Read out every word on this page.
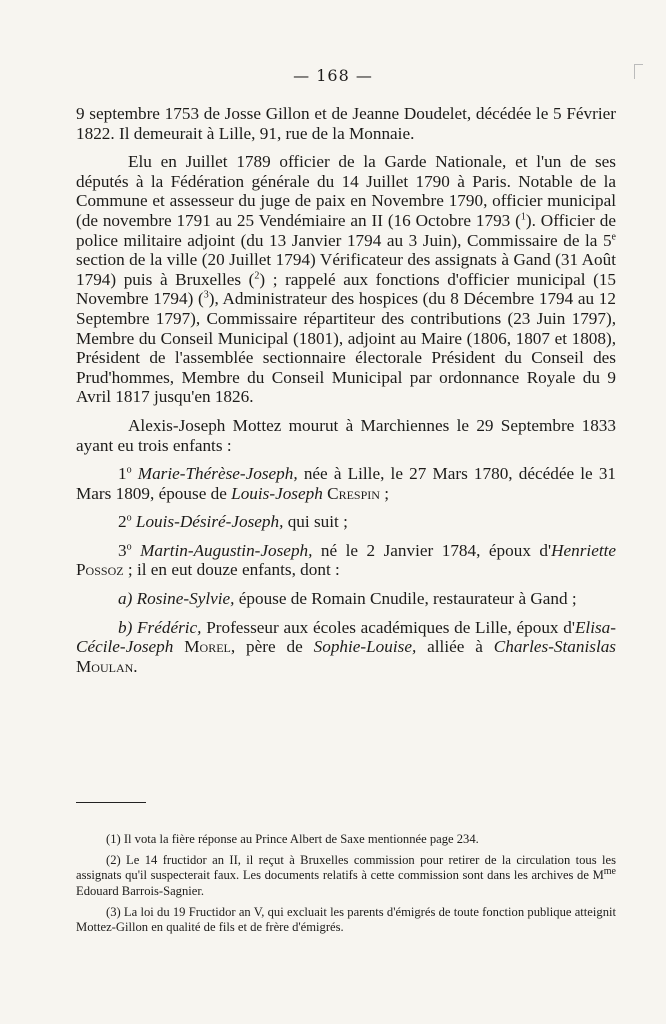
— 168 —

9 septembre 1753 de Josse Gillon et de Jeanne Doudelet, décédée le 5 Février 1822. Il demeurait à Lille, 91, rue de la Monnaie.

Elu en Juillet 1789 officier de la Garde Nationale, et l'un de ses députés à la Fédération générale du 14 Juillet 1790 à Paris. Notable de la Commune et assesseur du juge de paix en Novembre 1790, officier municipal (de novembre 1791 au 25 Vendémiaire an II (16 Octobre 1793 ($^1$). Officier de police militaire adjoint (du 13 Janvier 1794 au 3 Juin), Commissaire de la 5e section de la ville (20 Juillet 1794) Vérificateur des assignats à Gand (31 Août 1794) puis à Bruxelles ($^2$) ; rappelé aux fonctions d'officier municipal (15 Novembre 1794) ($^3$), Administrateur des hospices (du 8 Décembre 1794 au 12 Septembre 1797), Commissaire répartiteur des contributions (23 Juin 1797), Membre du Conseil Municipal (1801), adjoint au Maire (1806, 1807 et 1808), Président de l'assemblée sectionnaire électorale Président du Conseil des Prud'hommes, Membre du Conseil Municipal par ordonnance Royale du 9 Avril 1817 jusqu'en 1826.

Alexis-Joseph Mottez mourut à Marchiennes le 29 Septembre 1833 ayant eu trois enfants :

1$^o$ Marie-Thérèse-Joseph, née à Lille, le 27 Mars 1780, décédée le 31 Mars 1809, épouse de Louis-Joseph Crespin ;

2$^o$ Louis-Désiré-Joseph, qui suit ;

3$^o$ Martin-Augustin-Joseph, né le 2 Janvier 1784, époux d'Henriette Possoz ; il en eut douze enfants, dont :

a) Rosine-Sylvie, épouse de Romain Cnudile, restaurateur à Gand ;

b) Frédéric, Professeur aux écoles académiques de Lille, époux d'Elisa-Cécile-Joseph Morel, père de Sophie-Louise, alliée à Charles-Stanislas Moulan.

(1) Il vota la fière réponse au Prince Albert de Saxe mentionnée page 234.

(2) Le 14 fructidor an II, il reçut à Bruxelles commission pour retirer de la circulation tous les assignats qu'il suspecterait faux. Les documents relatifs à cette commission sont dans les archives de $M^{me}$ Edouard Barrois-Sagnier.

(3) La loi du 19 Fructidor an V, qui excluait les parents d'émigrés de toute fonction publique atteignit Mottez-Gillon en qualité de fils et de frère d'émigrés.
